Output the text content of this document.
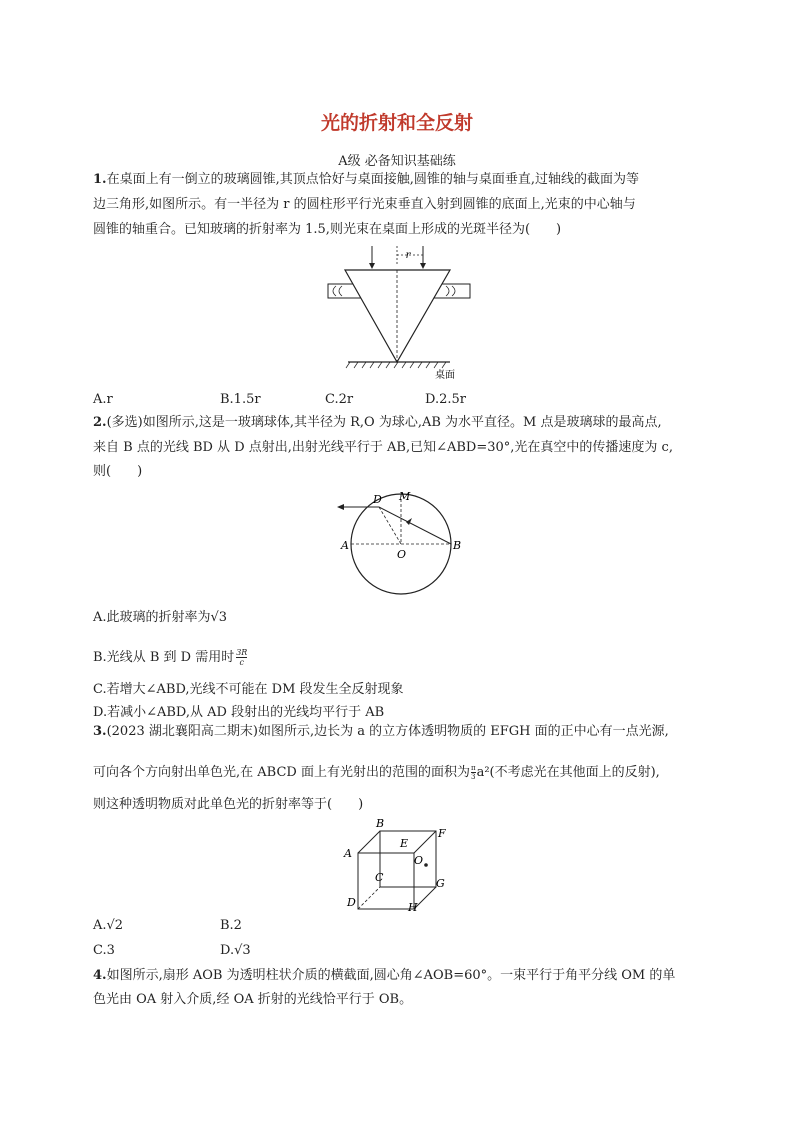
光的折射和全反射
A级 必备知识基础练
1.在桌面上有一倒立的玻璃圆锥,其顶点恰好与桌面接触,圆锥的轴与桌面垂直,过轴线的截面为等
边三角形,如图所示。有一半径为 r 的圆柱形平行光束垂直入射到圆锥的底面上,光束的中心轴与
圆锥的轴重合。已知玻璃的折射率为 1.5,则光束在桌面上形成的光斑半径为(　　)
r
桌面
A.r	B.1.5r	C.2r	D.2.5r
2.(多选)如图所示,这是一玻璃球体,其半径为 R,O 为球心,AB 为水平直径。M 点是玻璃球的最高点,
来自 B 点的光线 BD 从 D 点射出,出射光线平行于 AB,已知∠ABD=30°,光在真空中的传播速度为 c,
则(　　)
D M
A
O
B
A.此玻璃的折射率为√3
B.光线从 B 到 D 需用时 $\frac{3R}{c}$
C.若增大∠ABD,光线不可能在 DM 段发生全反射现象
D.若减小∠ABD,从 AD 段射出的光线均平行于 AB
3.(2023 湖北襄阳高二期末)如图所示,边长为 a 的立方体透明物质的 EFGH 面的正中心有一点光源,
可向各个方向射出单色光,在 ABCD 面上有光射出的范围的面积为 $\frac{\pi}{3} a^2$(不考虑光在其他面上的反射),
则这种透明物质对此单色光的折射率等于(　　)
A
B
C
D
E
F
G
H
O
A.√2	B.2
C.3	D.√3
4.如图所示,扇形 AOB 为透明柱状介质的横截面,圆心角∠AOB=60°。一束平行于角平分线 OM 的单
色光由 OA 射入介质,经 OA 折射的光线恰平行于 OB。
